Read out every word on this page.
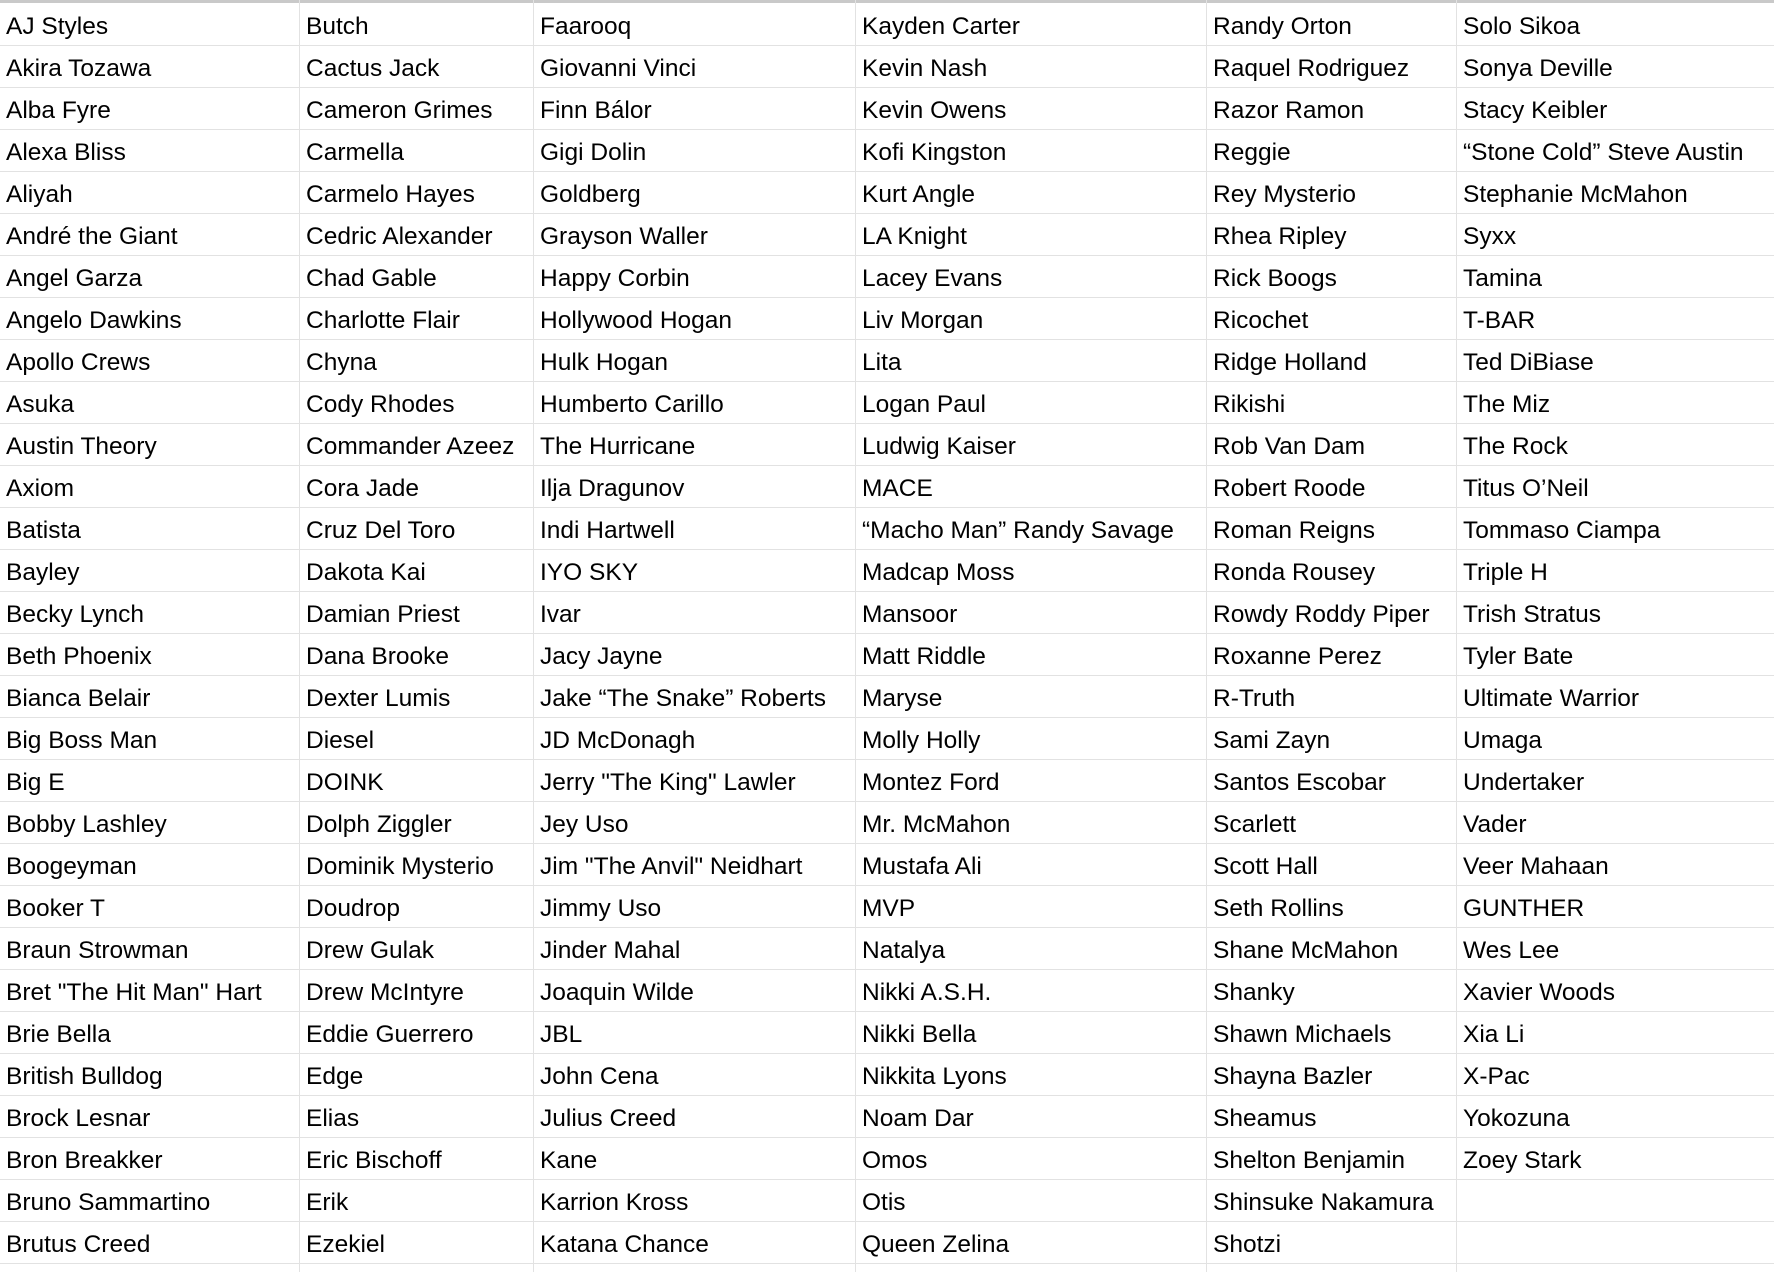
AJ Styles
Akira Tozawa
Alba Fyre
Alexa Bliss
Aliyah
André the Giant
Angel Garza
Angelo Dawkins
Apollo Crews
Asuka
Austin Theory
Axiom
Batista
Bayley
Becky Lynch
Beth Phoenix
Bianca Belair
Big Boss Man
Big E
Bobby Lashley
Boogeyman
Booker T
Braun Strowman
Bret "The Hit Man" Hart
Brie Bella
British Bulldog
Brock Lesnar
Bron Breakker
Bruno Sammartino
Brutus Creed
Butch
Cactus Jack
Cameron Grimes
Carmella
Carmelo Hayes
Cedric Alexander
Chad Gable
Charlotte Flair
Chyna
Cody Rhodes
Commander Azeez
Cora Jade
Cruz Del Toro
Dakota Kai
Damian Priest
Dana Brooke
Dexter Lumis
Diesel
DOINK
Dolph Ziggler
Dominik Mysterio
Doudrop
Drew Gulak
Drew McIntyre
Eddie Guerrero
Edge
Elias
Eric Bischoff
Erik
Ezekiel
Faarooq
Giovanni Vinci
Finn Bálor
Gigi Dolin
Goldberg
Grayson Waller
Happy Corbin
Hollywood Hogan
Hulk Hogan
Humberto Carillo
The Hurricane
Ilja Dragunov
Indi Hartwell
IYO SKY
Ivar
Jacy Jayne
Jake “The Snake” Roberts
JD McDonagh
Jerry "The King" Lawler
Jey Uso
Jim "The Anvil" Neidhart
Jimmy Uso
Jinder Mahal
Joaquin Wilde
JBL
John Cena
Julius Creed
Kane
Karrion Kross
Katana Chance
Kayden Carter
Kevin Nash
Kevin Owens
Kofi Kingston
Kurt Angle
LA Knight
Lacey Evans
Liv Morgan
Lita
Logan Paul
Ludwig Kaiser
MACE
“Macho Man” Randy Savage
Madcap Moss
Mansoor
Matt Riddle
Maryse
Molly Holly
Montez Ford
Mr. McMahon
Mustafa Ali
MVP
Natalya
Nikki A.S.H.
Nikki Bella
Nikkita Lyons
Noam Dar
Omos
Otis
Queen Zelina
Randy Orton
Raquel Rodriguez
Razor Ramon
Reggie
Rey Mysterio
Rhea Ripley
Rick Boogs
Ricochet
Ridge Holland
Rikishi
Rob Van Dam
Robert Roode
Roman Reigns
Ronda Rousey
Rowdy Roddy Piper
Roxanne Perez
R-Truth
Sami Zayn
Santos Escobar
Scarlett
Scott Hall
Seth Rollins
Shane McMahon
Shanky
Shawn Michaels
Shayna Bazler
Sheamus
Shelton Benjamin
Shinsuke Nakamura
Shotzi
Solo Sikoa
Sonya Deville
Stacy Keibler
“Stone Cold” Steve Austin
Stephanie McMahon
Syxx
Tamina
T-BAR
Ted DiBiase
The Miz
The Rock
Titus O’Neil
Tommaso Ciampa
Triple H
Trish Stratus
Tyler Bate
Ultimate Warrior
Umaga
Undertaker
Vader
Veer Mahaan
GUNTHER
Wes Lee
Xavier Woods
Xia Li
X-Pac
Yokozuna
Zoey Stark
